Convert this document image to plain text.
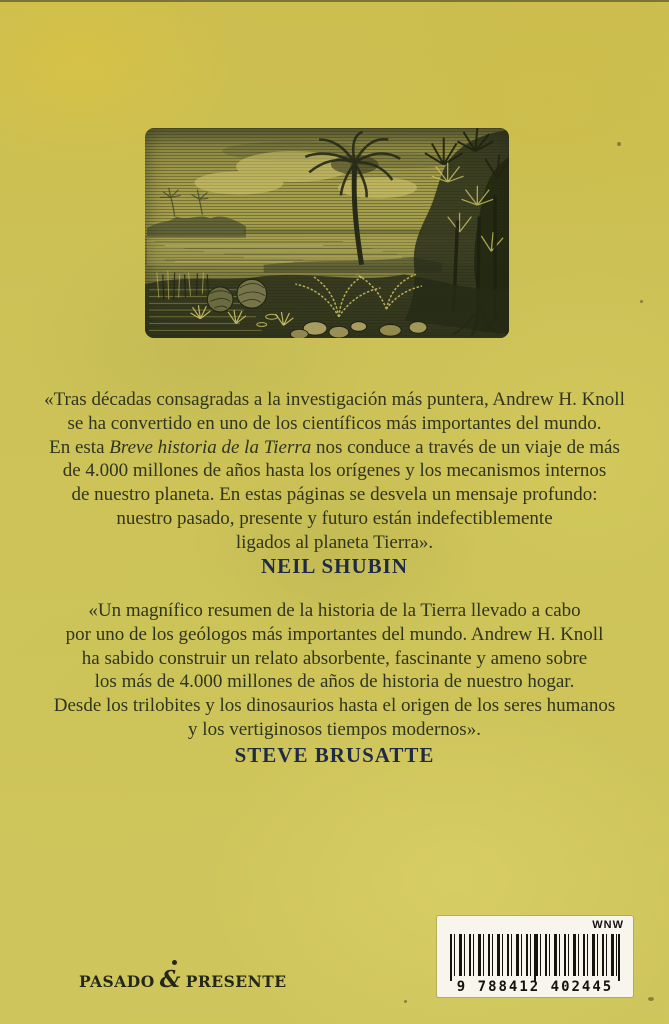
«Tras décadas consagradas a la investigación más puntera, Andrew H. Knoll
se ha convertido en uno de los científicos más importantes del mundo.
En esta Breve historia de la Tierra nos conduce a través de un viaje de más
de 4.000 millones de años hasta los orígenes y los mecanismos internos
de nuestro planeta. En estas páginas se desvela un mensaje profundo:
nuestro pasado, presente y futuro están indefectiblemente
ligados al planeta Tierra».
NEIL SHUBIN
«Un magnífico resumen de la historia de la Tierra llevado a cabo
por uno de los geólogos más importantes del mundo. Andrew H. Knoll
ha sabido construir un relato absorbente, fascinante y ameno sobre
los más de 4.000 millones de años de historia de nuestro hogar.
Desde los trilobites y los dinosaurios hasta el origen de los seres humanos
y los vertiginosos tiempos modernos».
STEVE BRUSATTE
PASADO & PRESENTE
WNW
9 788412 402445
